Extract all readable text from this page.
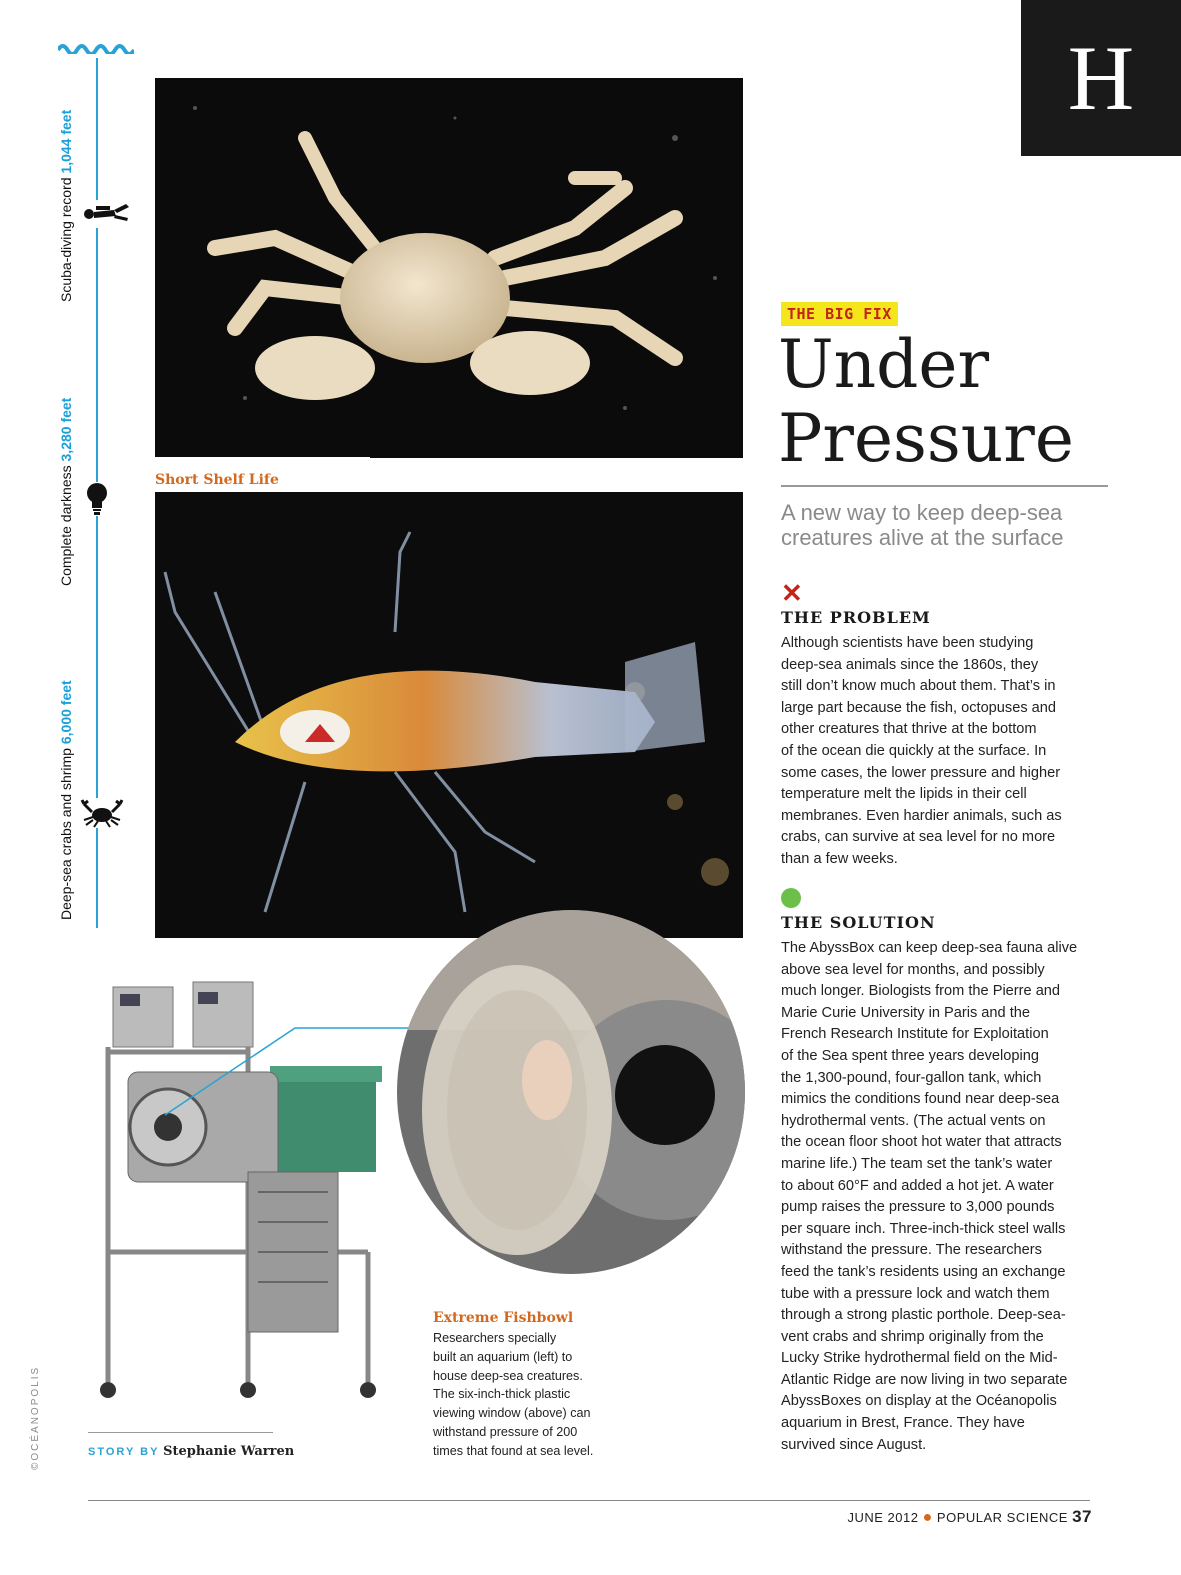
Scuba-diving record 1,044 feet
Complete darkness 3,280 feet
Deep-sea crabs and shrimp 6,000 feet
Short Shelf Life
Extreme Fishbowl
Researchers specially
built an aquarium (left) to
house deep-sea creatures.
The six-inch-thick plastic
viewing window (above) can
withstand pressure of 200
times that found at sea level.
H
THE BIG FIX
Under
Pressure
A new way to keep deep-sea creatures alive at the surface
✕
THE PROBLEM
Although scientists have been studying
deep-sea animals since the 1860s, they
still don’t know much about them. That’s in
large part because the fish, octopuses and
other creatures that thrive at the bottom
of the ocean die quickly at the surface. In
some cases, the lower pressure and higher
temperature melt the lipids in their cell
membranes. Even hardier animals, such as
crabs, can survive at sea level for no more
than a few weeks.
THE SOLUTION
The AbyssBox can keep deep-sea fauna alive
above sea level for months, and possibly
much longer. Biologists from the Pierre and
Marie Curie University in Paris and the
French Research Institute for Exploitation
of the Sea spent three years developing
the 1,300-pound, four-gallon tank, which
mimics the conditions found near deep-sea
hydrothermal vents. (The actual vents on
the ocean floor shoot hot water that attracts
marine life.) The team set the tank’s water
to about 60°F and added a hot jet. A water
pump raises the pressure to 3,000 pounds
per square inch. Three-inch-thick steel walls
withstand the pressure. The researchers
feed the tank’s residents using an exchange
tube with a pressure lock and watch them
through a strong plastic porthole. Deep-sea-
vent crabs and shrimp originally from the
Lucky Strike hydrothermal field on the Mid-
Atlantic Ridge are now living in two separate
AbyssBoxes on display at the Océanopolis
aquarium in Brest, France. They have
survived since August.
©OCÉANOPOLIS	STORY BY Stephanie Warren
JUNE 2012 ● POPULAR SCIENCE 37
